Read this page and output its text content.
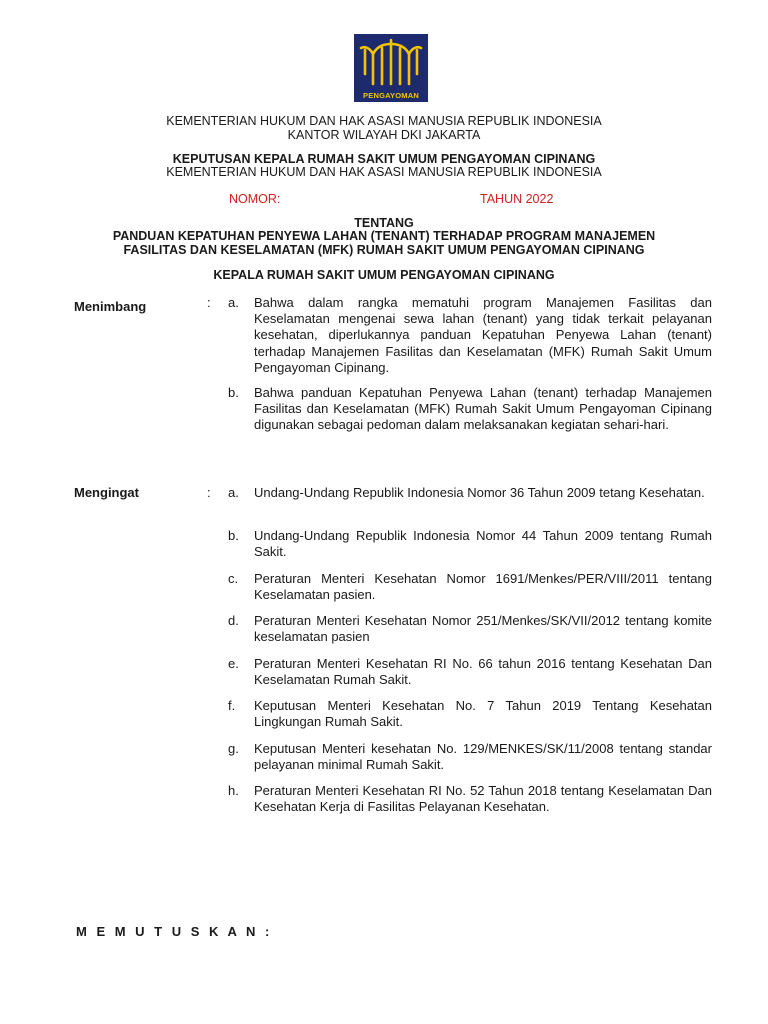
PENGAYOMAN
KEMENTERIAN HUKUM DAN HAK ASASI MANUSIA REPUBLIK INDONESIA
KANTOR WILAYAH DKI JAKARTA
KEPUTUSAN KEPALA RUMAH SAKIT UMUM PENGAYOMAN CIPINANG
KEMENTERIAN HUKUM DAN HAK ASASI MANUSIA REPUBLIK INDONESIA
NOMOR:	TAHUN 2022
TENTANG
PANDUAN KEPATUHAN PENYEWA LAHAN (TENANT) TERHADAP PROGRAM MANAJEMEN
FASILITAS DAN KESELAMATAN (MFK) RUMAH SAKIT UMUM PENGAYOMAN CIPINANG
KEPALA RUMAH SAKIT UMUM PENGAYOMAN CIPINANG
Menimbang	: a. Bahwa dalam rangka mematuhi program Manajemen Fasilitas dan Keselamatan mengenai sewa lahan (tenant) yang tidak terkait pelayanan kesehatan, diperlukannya panduan Kepatuhan Penyewa Lahan (tenant) terhadap Manajemen Fasilitas dan Keselamatan (MFK) Rumah Sakit Umum Pengayoman Cipinang.
b. Bahwa panduan Kepatuhan Penyewa Lahan (tenant) terhadap Manajemen Fasilitas dan Keselamatan (MFK) Rumah Sakit Umum Pengayoman Cipinang digunakan sebagai pedoman dalam melaksanakan kegiatan sehari-hari.
Mengingat	: a. Undang-Undang Republik Indonesia Nomor 36 Tahun 2009 tetang Kesehatan.
b. Undang-Undang Republik Indonesia Nomor 44 Tahun 2009 tentang Rumah Sakit.
c. Peraturan Menteri Kesehatan Nomor 1691/Menkes/PER/VIII/2011 tentang Keselamatan pasien.
d. Peraturan Menteri Kesehatan Nomor 251/Menkes/SK/VII/2012 tentang komite keselamatan pasien
e. Peraturan Menteri Kesehatan RI No. 66 tahun 2016 tentang Kesehatan Dan Keselamatan Rumah Sakit.
f. Keputusan Menteri Kesehatan No. 7 Tahun 2019 Tentang Kesehatan Lingkungan Rumah Sakit.
g. Keputusan Menteri kesehatan No. 129/MENKES/SK/11/2008 tentang standar pelayanan minimal Rumah Sakit.
h. Peraturan Menteri Kesehatan RI No. 52 Tahun 2018 tentang Keselamatan Dan Kesehatan Kerja di Fasilitas Pelayanan Kesehatan.
M E M U T U S K A N :
